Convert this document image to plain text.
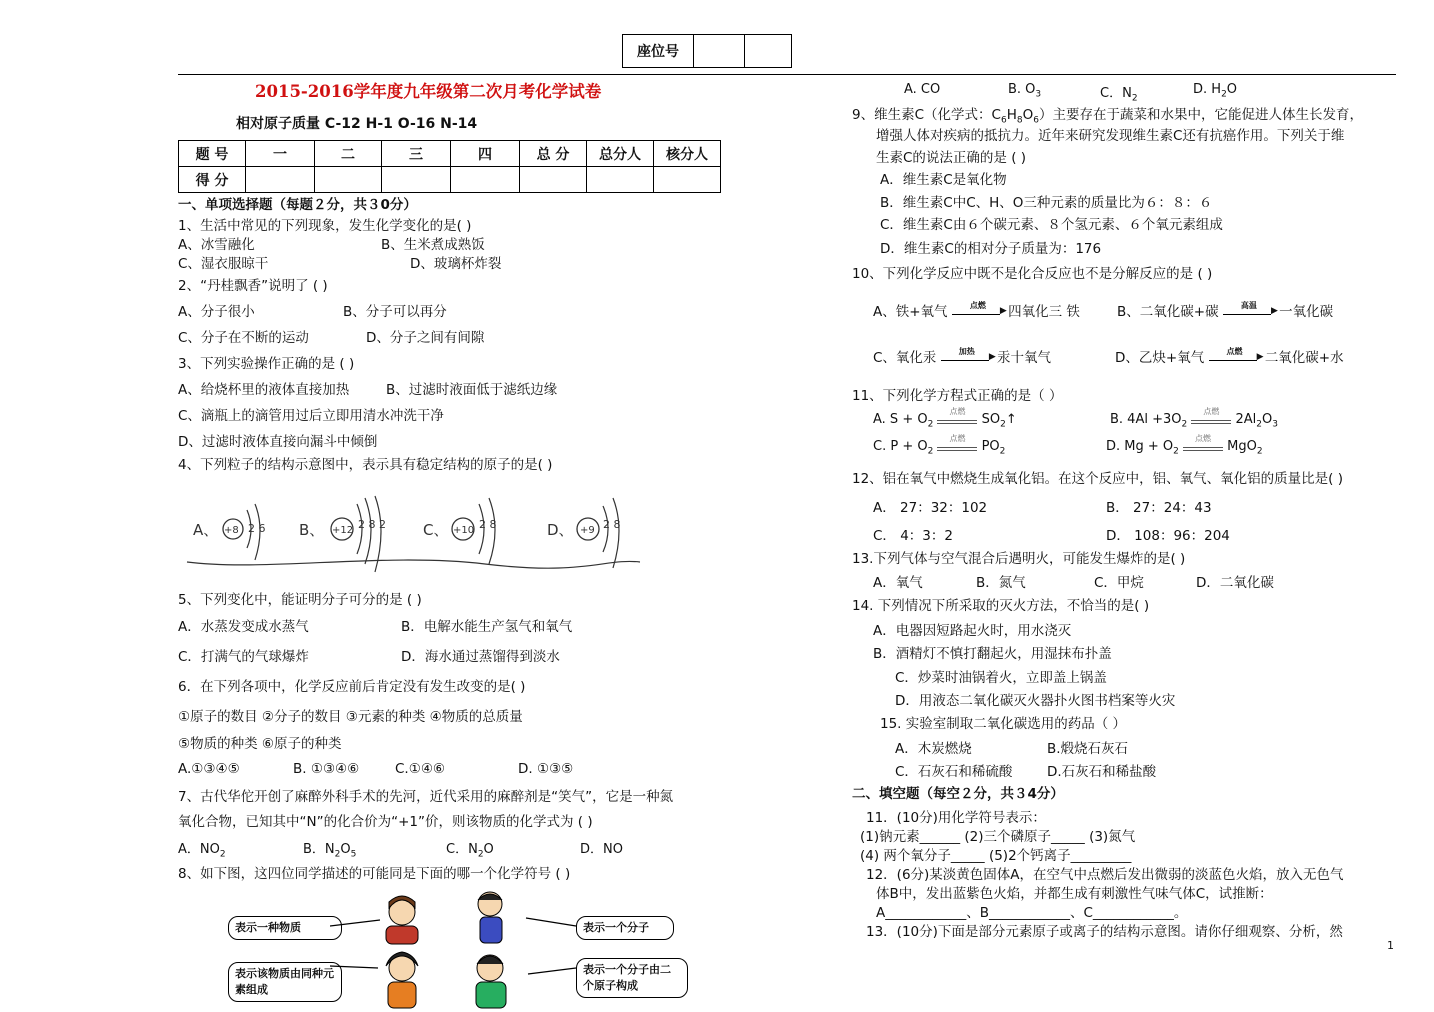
座位号		
2015-2016学年度九年级第二次月考化学试卷
相对原子质量 C-12 H-1 O-16 N-14
题 号	一	二	三	四	总 分	总分人	核分人
得 分							
一、单项选择题（每题２分，共３0分）
1、生活中常见的下列现象，发生化学变化的是( )
A、冰雪融化	B、生米煮成熟饭
C、湿衣服晾干	D、玻璃杯炸裂
2、“丹桂飘香”说明了 ( )
A、分子很小	B、分子可以再分
C、分子在不断的运动	D、分子之间有间隙
3、下列实验操作正确的是 ( )
A、给烧杯里的液体直接加热	B、过滤时液面低于滤纸边缘
C、滴瓶上的滴管用过后立即用清水冲洗干净
D、过滤时液体直接向漏斗中倾倒
4、下列粒子的结构示意图中，表示具有稳定结构的原子的是( )
A、 +8 2 6 B、 +12 2 8 2 C、 +10 2 8	D、 +9 2 8
5、下列变化中，能证明分子可分的是 ( )
A．水蒸发变成水蒸气	B．电解水能生产氢气和氧气
C．打满气的气球爆炸	D．海水通过蒸馏得到淡水
6．在下列各项中，化学反应前后肯定没有发生改变的是( )
①原子的数目 ②分子的数目 ③元素的种类 ④物质的总质量
⑤物质的种类 ⑥原子的种类
A.①③④⑤	B. ①③④⑥	C.①④⑥	D. ①③⑤
7、古代华佗开创了麻醉外科手术的先河，近代采用的麻醉剂是“笑气”，它是一种氮
氧化合物，已知其中“N”的化合价为“+1”价，则该物质的化学式为 ( )
A．$NO_2$	B．$N_2O_5$	C．$N_2O$	D．NO
8、如下图，这四位同学描述的可能同是下面的哪一个化学符号 ( )
表示一种物质	表示一个分子
表示该物质由同种元素组成
表示一个分子由二个原子构成
A. CO	B. $O_3$	C．$N_2$
D. $H_2O$
9、维生素C（化学式：$C_6H_8O_6$）主要存在于蔬菜和水果中，它能促进人体生长发育，
增强人体对疾病的抵抗力。近年来研究发现维生素C还有抗癌作用。下列关于维
生素C的说法正确的是 ( )
A．维生素C是氧化物
B．维生素C中C、H、O三种元素的质量比为６：８：６
C．维生素C由６个碳元素、８个氢元素、６个氧元素组成
D．维生素C的相对分子质量为：176
10、下列化学反应中既不是化合反应也不是分解反应的是 ( )
A、铁+氧气	▶ 点燃	四氧化三 铁	B、二氧化碳+碳	▶ 高温	一氧化碳
C、氧化汞	▶ 加热	汞十氧气	D、乙炔+氧气	▶ 点燃	二氧化碳+水
11、下列化学方程式正确的是（ ）
A. $S + O_2$
点燃
$SO_2↑$	B. $4Al +3O_2$
点燃
$2Al_2O_3$
C. $P + O_2$
点燃
$PO_2$	D. $Mg + O_2$
点燃
MgO$_2$
12、铝在氧气中燃烧生成氧化铝。在这个反应中，铝、氧气、氧化铝的质量比是( )
A． 27：32：102	B． 27：24：43
C． 4：3：2	D． 108：96：204
13.下列气体与空气混合后遇明火，可能发生爆炸的是( )
A．氧气	B．氮气	C．甲烷	D．二氧化碳
14. 下列情况下所采取的灭火方法，不恰当的是( )
A．电器因短路起火时，用水浇灭
B．酒精灯不慎打翻起火，用湿抹布扑盖
C．炒菜时油锅着火，立即盖上锅盖
D．用液态二氧化碳灭火器扑火图书档案等火灾
15. 实验室制取二氧化碳选用的药品（ ）
A．木炭燃烧	B.煅烧石灰石
C．石灰石和稀硫酸	D.石灰石和稀盐酸
二、填空题（每空２分，共３4分）
11．(10分)用化学符号表示：
(1)钠元素______ (2)三个磷原子_____ (3)氮气
(4) 两个氧分子_____ (5)2个钙离子_________
12．(6分)某淡黄色固体A，在空气中点燃后发出微弱的淡蓝色火焰，放入无色气
体B中，发出蓝紫色火焰，并都生成有刺激性气味气体C，试推断：
A____________、B____________、C____________。
13．(10分)下面是部分元素原子或离子的结构示意图。请你仔细观察、分析，然
1
